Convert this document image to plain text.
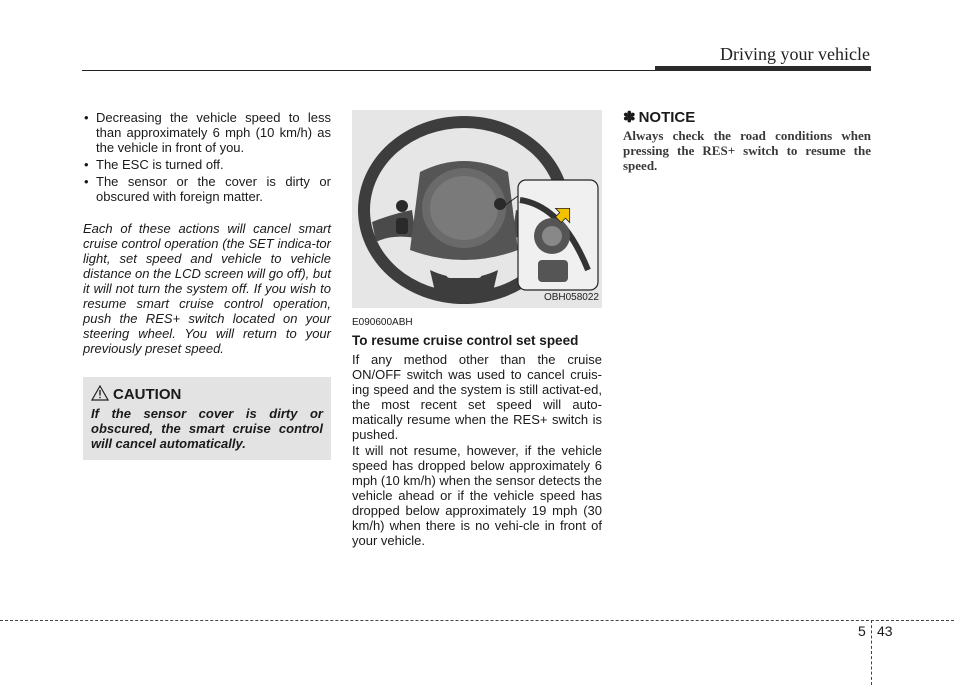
Driving your vehicle
• Decreasing the vehicle speed to less than approximately 6 mph (10 km/h) as the vehicle in front of you.
• The ESC is turned off.
• The sensor or the cover is dirty or obscured with foreign matter.
Each of these actions will cancel smart cruise control operation (the SET indica-tor light, set speed and vehicle to vehicle distance on the LCD screen will go off), but it will not turn the system off. If you wish to resume smart cruise control operation, push the RES+ switch located on your steering wheel. You will return to your previously preset speed.
CAUTION
If the sensor cover is dirty or obscured, the smart cruise control will cancel automatically.
OBH058022
E090600ABH
To resume cruise control set speed
If any method other than the cruise ON/OFF switch was used to cancel cruis-ing speed and the system is still activat-ed, the most recent set speed will auto-matically resume when the RES+ switch is pushed.
It will not resume, however, if the vehicle speed has dropped below approximately 6 mph (10 km/h) when the sensor detects the vehicle ahead or if the vehicle speed has dropped below approximately 19 mph (30 km/h) when there is no vehi-cle in front of your vehicle.
✽ NOTICE
Always check the road conditions when pressing the RES+ switch to resume the speed.
5 43
